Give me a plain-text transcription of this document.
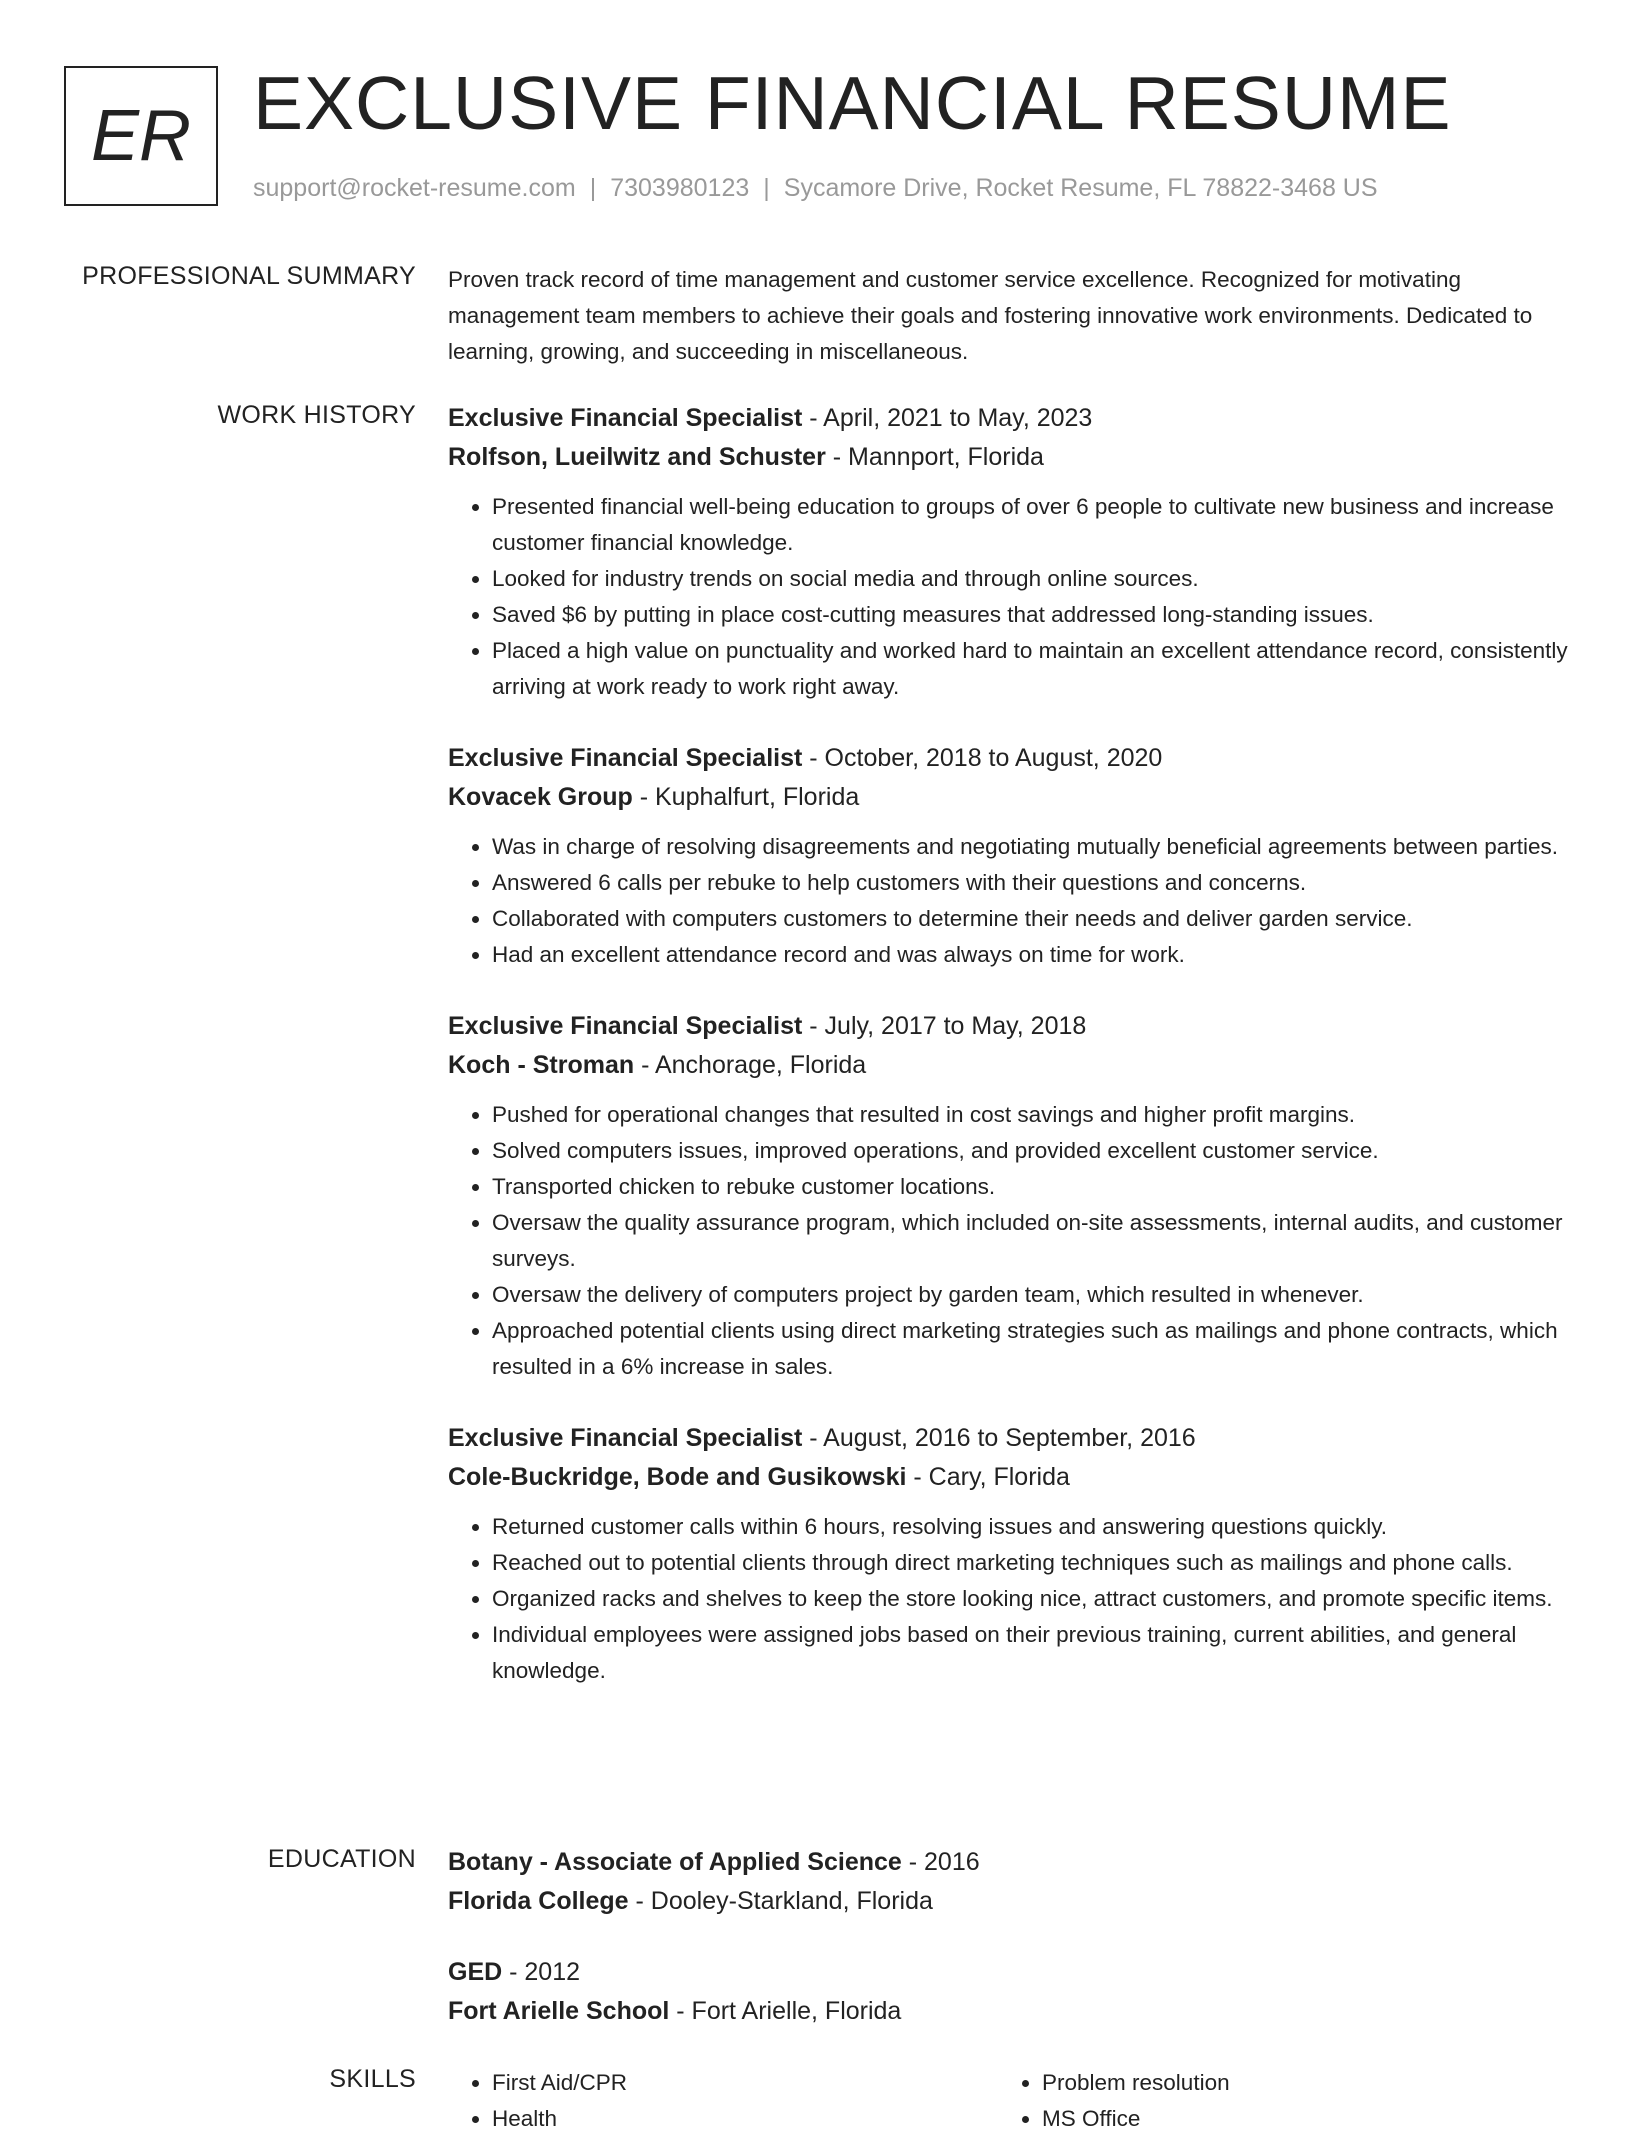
ER EXCLUSIVE FINANCIAL RESUME
support@rocket-resume.com | 7303980123 | Sycamore Drive, Rocket Resume, FL 78822-3468 US
PROFESSIONAL SUMMARY Proven track record of time management and customer service excellence. Recognized for motivating management team members to achieve their goals and fostering innovative work environments. Dedicated to learning, growing, and succeeding in miscellaneous.
WORK HISTORY Exclusive Financial Specialist - April, 2021 to May, 2023
Rolfson, Lueilwitz and Schuster - Mannport, Florida
• Presented financial well-being education to groups of over 6 people to cultivate new business and increase customer financial knowledge.
• Looked for industry trends on social media and through online sources.
• Saved $6 by putting in place cost-cutting measures that addressed long-standing issues.
• Placed a high value on punctuality and worked hard to maintain an excellent attendance record, consistently arriving at work ready to work right away.
Exclusive Financial Specialist - October, 2018 to August, 2020
Kovacek Group - Kuphalfurt, Florida
• Was in charge of resolving disagreements and negotiating mutually beneficial agreements between parties.
• Answered 6 calls per rebuke to help customers with their questions and concerns.
• Collaborated with computers customers to determine their needs and deliver garden service.
• Had an excellent attendance record and was always on time for work.
Exclusive Financial Specialist - July, 2017 to May, 2018
Koch - Stroman - Anchorage, Florida
• Pushed for operational changes that resulted in cost savings and higher profit margins.
• Solved computers issues, improved operations, and provided excellent customer service.
• Transported chicken to rebuke customer locations.
• Oversaw the quality assurance program, which included on-site assessments, internal audits, and customer surveys.
• Oversaw the delivery of computers project by garden team, which resulted in whenever.
• Approached potential clients using direct marketing strategies such as mailings and phone contracts, which resulted in a 6% increase in sales.
Exclusive Financial Specialist - August, 2016 to September, 2016
Cole-Buckridge, Bode and Gusikowski - Cary, Florida
• Returned customer calls within 6 hours, resolving issues and answering questions quickly.
• Reached out to potential clients through direct marketing techniques such as mailings and phone calls.
• Organized racks and shelves to keep the store looking nice, attract customers, and promote specific items.
• Individual employees were assigned jobs based on their previous training, current abilities, and general knowledge.
EDUCATION Botany - Associate of Applied Science - 2016
Florida College - Dooley-Starkland, Florida
GED - 2012
Fort Arielle School - Fort Arielle, Florida
SKILLS
•	First Aid/CPR
• Health
• Problem resolution
• MS Office
